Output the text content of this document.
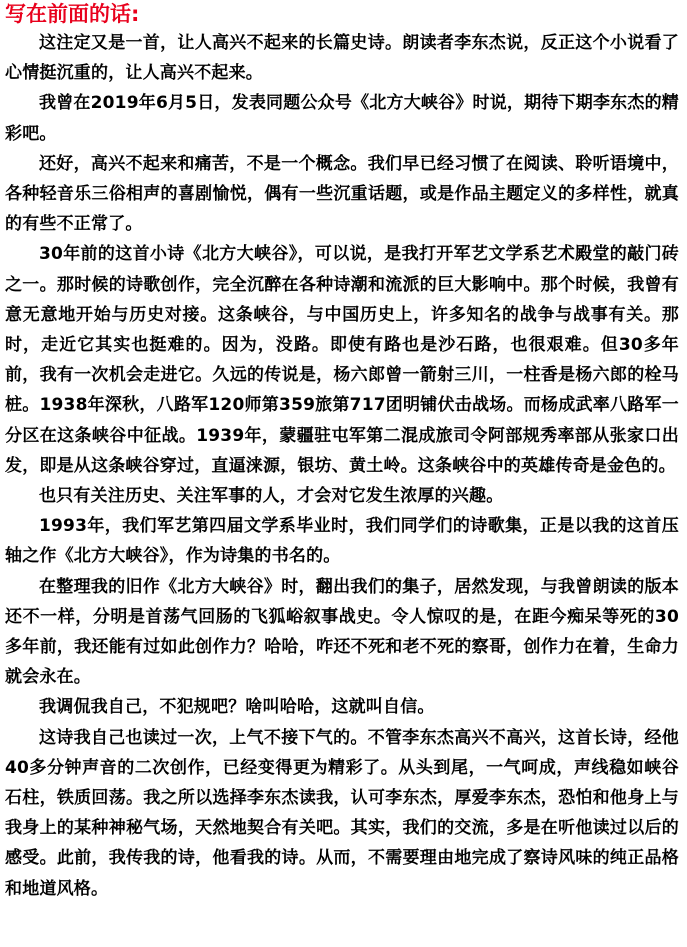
写在前面的话:

这注定又是一首，让人高兴不起来的长篇史诗。朗读者李东杰说，反正这个小说看了心情挺沉重的，让人高兴不起来。

我曾在2019年6月5日，发表同题公众号《北方大峡谷》时说，期待下期李东杰的精彩吧。

还好，高兴不起来和痛苦，不是一个概念。我们早已经习惯了在阅读、聆听语境中，各种轻音乐三俗相声的喜剧愉悦，偶有一些沉重话题，或是作品主题定义的多样性，就真的有些不正常了。

30年前的这首小诗《北方大峡谷》，可以说，是我打开军艺文学系艺术殿堂的敲门砖之一。那时候的诗歌创作，完全沉醉在各种诗潮和流派的巨大影响中。那个时候，我曾有意无意地开始与历史对接。这条峡谷，与中国历史上，许多知名的战争与战事有关。那时，走近它其实也挺难的。因为，没路。即使有路也是沙石路，也很艰难。但30多年前，我有一次机会走进它。久远的传说是，杨六郎曾一箭射三川，一柱香是杨六郎的栓马桩。1938年深秋，八路军120师第359旅第717团明铺伏击战场。而杨成武率八路军一分区在这条峡谷中征战。1939年，蒙疆驻屯军第二混成旅司令阿部规秀率部从张家口出发，即是从这条峡谷穿过，直逼涞源，银坊、黄土岭。这条峡谷中的英雄传奇是金色的。

也只有关注历史、关注军事的人，才会对它发生浓厚的兴趣。

1993年，我们军艺第四届文学系毕业时，我们同学们的诗歌集，正是以我的这首压轴之作《北方大峡谷》，作为诗集的书名的。

在整理我的旧作《北方大峡谷》时，翻出我们的集子，居然发现，与我曾朗读的版本还不一样，分明是首荡气回肠的飞狐峪叙事战史。令人惊叹的是，在距今痴呆等死的30多年前，我还能有过如此创作力？哈哈，咋还不死和老不死的察哥，创作力在着，生命力就会永在。

我调侃我自己，不犯规吧？啥叫哈哈，这就叫自信。

这诗我自己也读过一次，上气不接下气的。不管李东杰高兴不高兴，这首长诗，经他40多分钟声音的二次创作，已经变得更为精彩了。从头到尾，一气呵成，声线稳如峡谷石柱，铁质回荡。我之所以选择李东杰读我，认可李东杰，厚爱李东杰，恐怕和他身上与我身上的某种神秘气场，天然地契合有关吧。其实，我们的交流，多是在听他读过以后的感受。此前，我传我的诗，他看我的诗。从而，不需要理由地完成了察诗风味的纯正品格和地道风格。
